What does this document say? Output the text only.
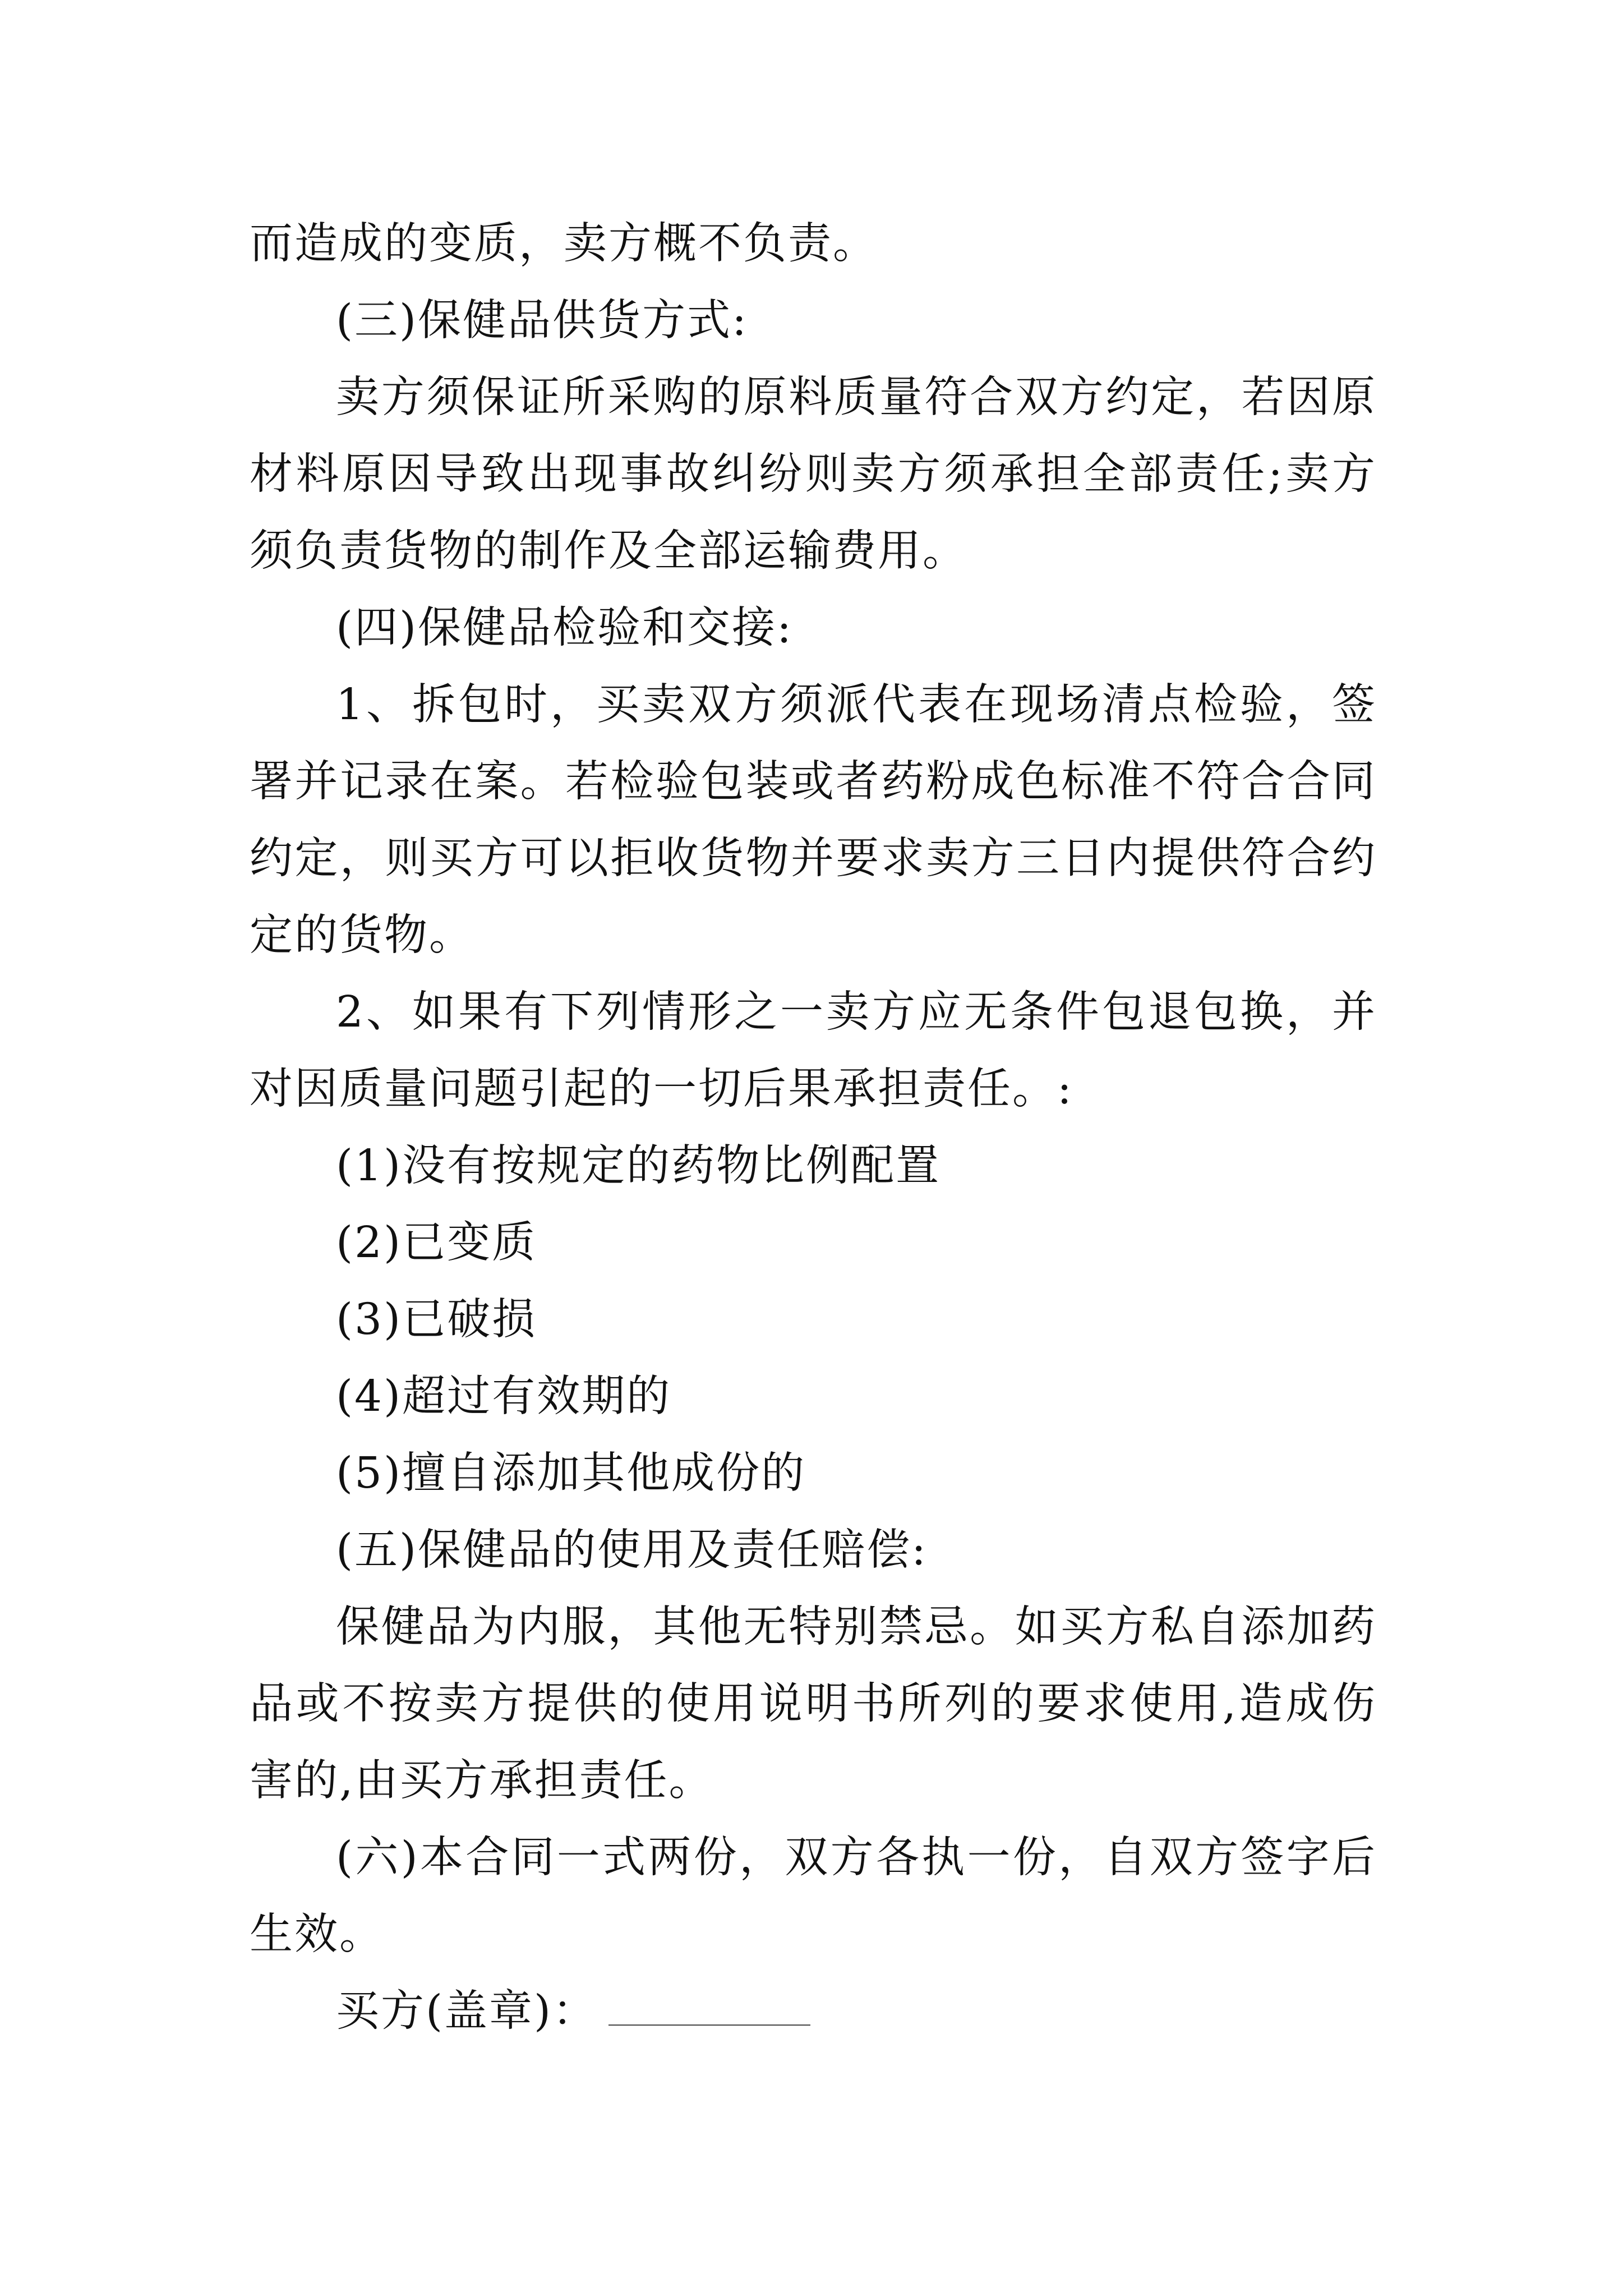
而造成的变质，卖方概不负责。

(三)保健品供货方式:

卖方须保证所采购的原料质量符合双方约定，若因原材料原因导致出现事故纠纷则卖方须承担全部责任;卖方须负责货物的制作及全部运输费用。

(四)保健品检验和交接:

1、拆包时，买卖双方须派代表在现场清点检验，签署并记录在案。若检验包装或者药粉成色标准不符合合同约定，则买方可以拒收货物并要求卖方三日内提供符合约定的货物。

2、如果有下列情形之一卖方应无条件包退包换，并对因质量问题引起的一切后果承担责任。:

(1)没有按规定的药物比例配置

(2)已变质

(3)已破损

(4)超过有效期的

(5)擅自添加其他成份的

(五)保健品的使用及责任赔偿:

保健品为内服，其他无特别禁忌。如买方私自添加药品或不按卖方提供的使用说明书所列的要求使用,造成伤害的,由买方承担责任。

(六)本合同一式两份，双方各执一份，自双方签字后生效。

买方(盖章)：
